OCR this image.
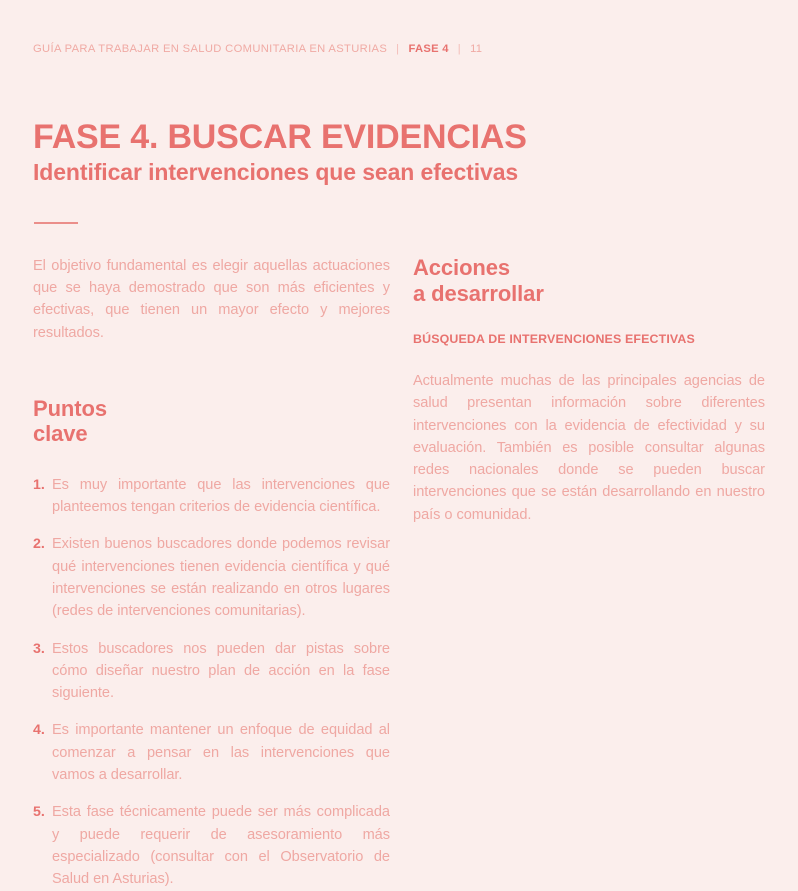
GUÍA PARA TRABAJAR EN SALUD COMUNITARIA EN ASTURIAS | FASE 4 | 11
FASE 4. BUSCAR EVIDENCIAS
Identificar intervenciones que sean efectivas

El objetivo fundamental es elegir aquellas actuaciones que se haya demostrado que son más eficientes y efectivas, que tienen un mayor efecto y mejores resultados.

Puntos
clave
1. Es muy importante que las intervenciones que planteemos tengan criterios de evidencia científica.
2. Existen buenos buscadores donde podemos revisar qué intervenciones tienen evidencia científica y qué intervenciones se están realizando en otros lugares (redes de intervenciones comunitarias).
3. Estos buscadores nos pueden dar pistas sobre cómo diseñar nuestro plan de acción en la fase siguiente.
4. Es importante mantener un enfoque de equidad al comenzar a pensar en las intervenciones que vamos a desarrollar.
5. Esta fase técnicamente puede ser más complicada y puede requerir de asesoramiento más especializado (consultar con el Observatorio de Salud en Asturias).
Acciones
a desarrollar
BÚSQUEDA DE INTERVENCIONES EFECTIVAS

Actualmente muchas de las principales agencias de salud presentan información sobre diferentes intervenciones con la evidencia de efectividad y su evaluación. También es posible consultar algunas redes nacionales donde se pueden buscar intervenciones que se están desarrollando en nuestro país o comunidad.
